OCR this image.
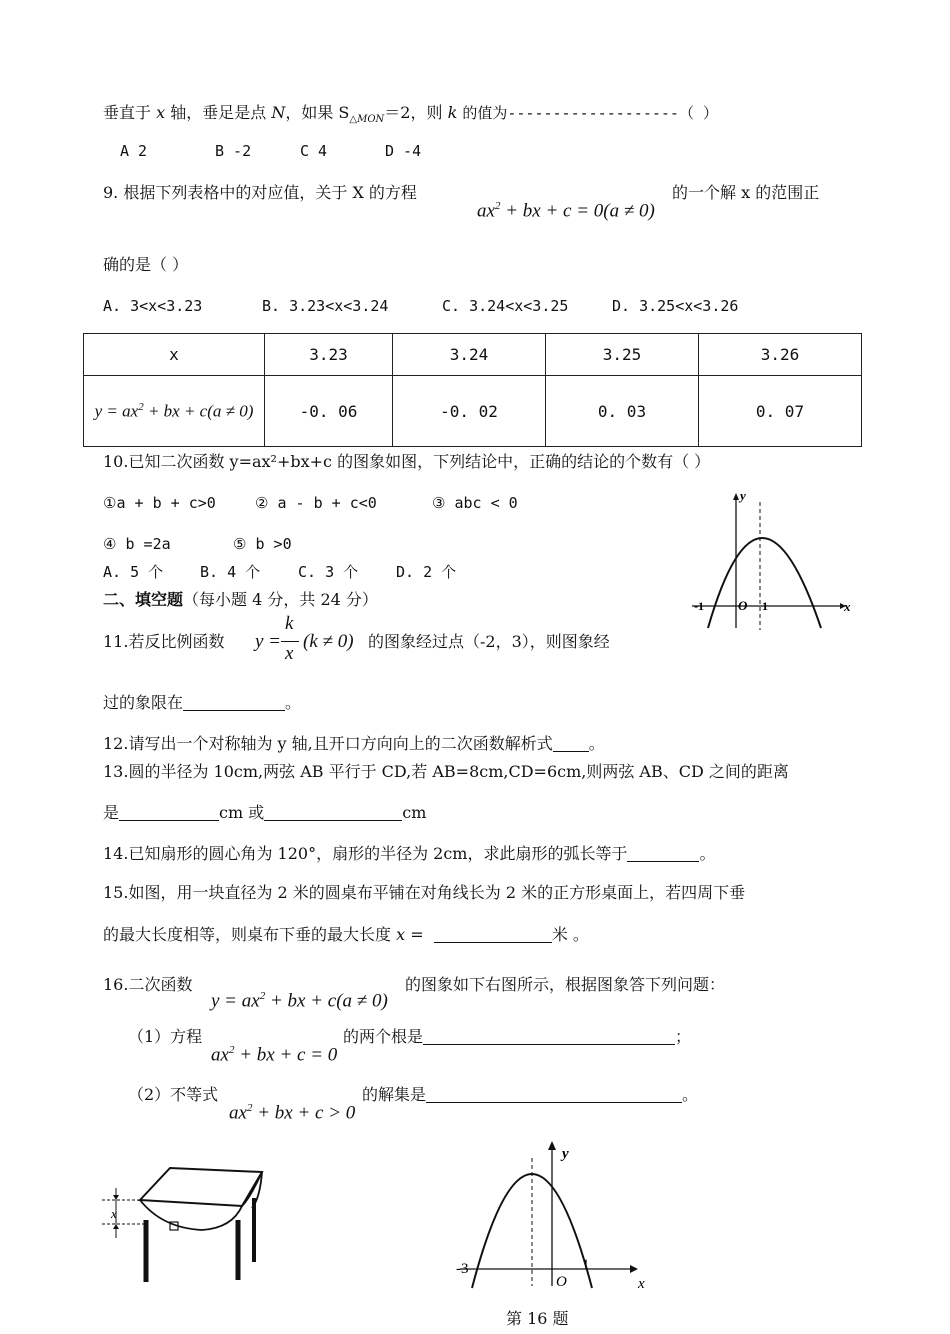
垂直于 x 轴，垂足是点 N，如果 $S_{\triangle MON}=2$，则 k 的值为-------------------（ ）
A 2	B -2	C 4	D -4
9. 根据下列表格中的对应值，关于 X 的方程
$ax^2$ + bx + c = 0(a ≠ 0)
的一个解 x 的范围正
确的是（ ）
A. 3<x<3.23	B. 3.23<x<3.24	C. 3.24<x<3.25	D. 3.25<x<3.26
x	3.23	3.24	3.25	3.26
$y = ax^2$ + bx + c(a ≠ 0)	-0. 06	-0. 02	0. 03	0. 07
10.已知二次函数 y=ax²+bx+c 的图象如图，下列结论中，正确的结论的个数有（ ）
①a + b + c>0	② a - b + c<0	③ abc < 0
④ b =2a	⑤ b >0
A. 5 个 B. 4 个	C. 3 个	D. 2 个
y
x
O
-1	1
二、填空题（每小题 4 分，共 24 分）
11.若反比例函数 y =
k
x
(k ≠ 0) 的图象经过点（-2，3），则图象经
过的象限在	。
12.请写出一个对称轴为 y 轴,且开口方向向上的二次函数解析式 。
13.圆的半径为 10cm,两弦 AB 平行于 CD,若 AB=8cm,CD=6cm,则两弦 AB、CD 之间的距离
是	cm 或	cm
14.已知扇形的圆心角为 120°，扇形的半径为 2cm，求此扇形的弧长等于	。
15.如图，用一块直径为 2 米的圆桌布平铺在对角线长为 2 米的正方形桌面上，若四周下垂
的最大长度相等，则桌布下垂的最大长度 x =	米 。
16.二次函数
$y = ax^2$ + bx + c(a ≠ 0)
的图象如下右图所示，根据图象答下列问题：
（1）方程
$ax^2$ + bx + c = 0
的两个根是	；
（2）不等式
$ax^2$ + bx + c > 0
的解集是	。
x
y
x
O
-3	1
第 16 题
